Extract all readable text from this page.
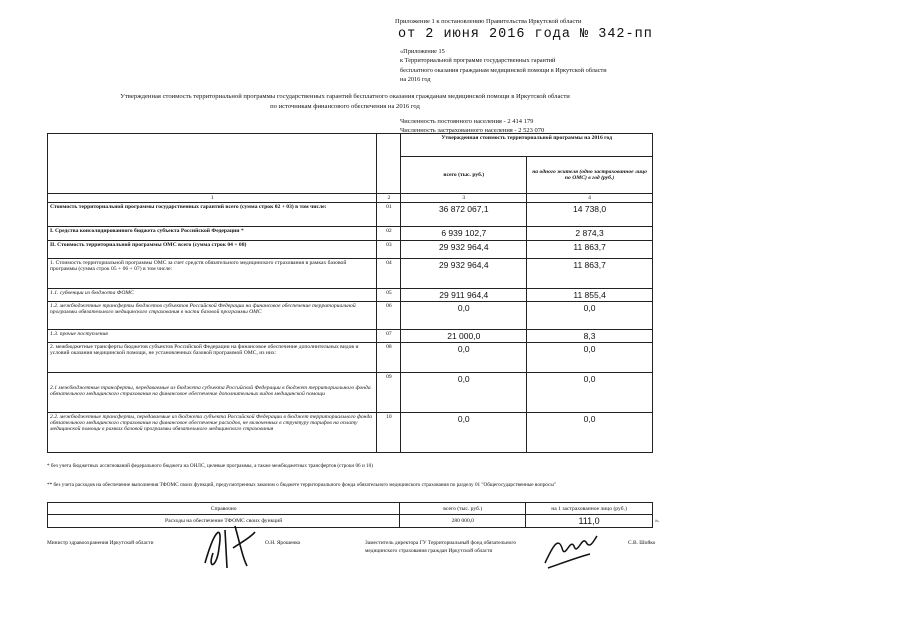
Приложение 1 к постановлению Правительства Иркутской области
от 2 июня 2016 года № 342-пп
«Приложение 15
к Территориальной программе государственных гарантий
бесплатного оказания гражданам медицинской помощи в Иркутской области
на 2016 год
Утвержденная стоимость территориальной программы государственных гарантий бесплатного оказания гражданам медицинской помощи в Иркутской области
по источникам финансового обеспечения на 2016 год
Численность постоянного населения - 2 414 179
Численность застрахованного населения - 2 523 070
		Утвержденная стоимость территориальной программы на 2016 год	
		всего (тыс. руб.)	на одного жителя (одно застрахованное лицо по ОМС) в год (руб.)
1	2	3	4
Стоимость территориальной программы государственных гарантий всего (сумма строк 02 + 03) в том числе:	01	36 872 067,1	14 738,0
I. Средства консолидированного бюджета субъекта Российской Федерации *	02	6 939 102,7	2 874,3
II. Стоимость территориальной программы ОМС всего (сумма строк 04 + 08)	03	29 932 964,4	11 863,7
1. Стоимость территориальной программы ОМС за счет средств обязательного медицинского страхования в рамках базовой программы (сумма строк 05 + 06 + 07) в том числе:	04	29 932 964,4	11 863,7
1.1. субвенции из бюджета ФОМС	05	29 911 964,4	11 855,4
1.2. межбюджетные трансферты бюджетов субъектов Российской Федерации на финансовое обеспечение территориальной программы обязательного медицинского страхования в части базовой программы ОМС	06	0,0	0,0
1.3. прочие поступления	07	21 000,0	8,3
2. межбюджетные трансферты бюджетов субъектов Российской Федерации на финансовое обеспечение дополнительных видов и условий оказания медицинской помощи, не установленных базовой программой ОМС, из них:	08	0,0	0,0
2.1 межбюджетные трансферты, передаваемые из бюджета субъекта Российской Федерации в бюджет территориального фонда обязательного медицинского страхования на финансовое обеспечение дополнительных видов медицинской помощи	09	0,0	0,0
2.2. межбюджетные трансферты, передаваемые из бюджета субъекта Российской Федерации в бюджет территориального фонда обязательного медицинского страхования на финансовое обеспечение расходов, не включенных в структуру тарифов на оплату медицинской помощи в рамках базовой программы обязательного медицинского страхования	10	0,0	0,0
* без учета бюджетных ассигнований федерального бюджета на ОНЛС, целевые программы, а также межбюджетных трансфертов (строки 06 и 10)
** без учета расходов на обеспечение выполнения ТФОМС своих функций, предусмотренных законом о бюджете территориального фонда обязательного медицинского страхования по разделу 01 "Общегосударственные вопросы"
Справочно	всего (тыс. руб.)	на 1 застрахованное лицо (руб.)
Расходы на обеспечение ТФОМС своих функций	280 000,0	111,0	».
Министр здравоохранения Иркутской области	О.Н. Ярошенко	Заместитель директора ГУ Территориальный фонд обязательного медицинского страхования граждан Иркутской области
С.В. Шойко
